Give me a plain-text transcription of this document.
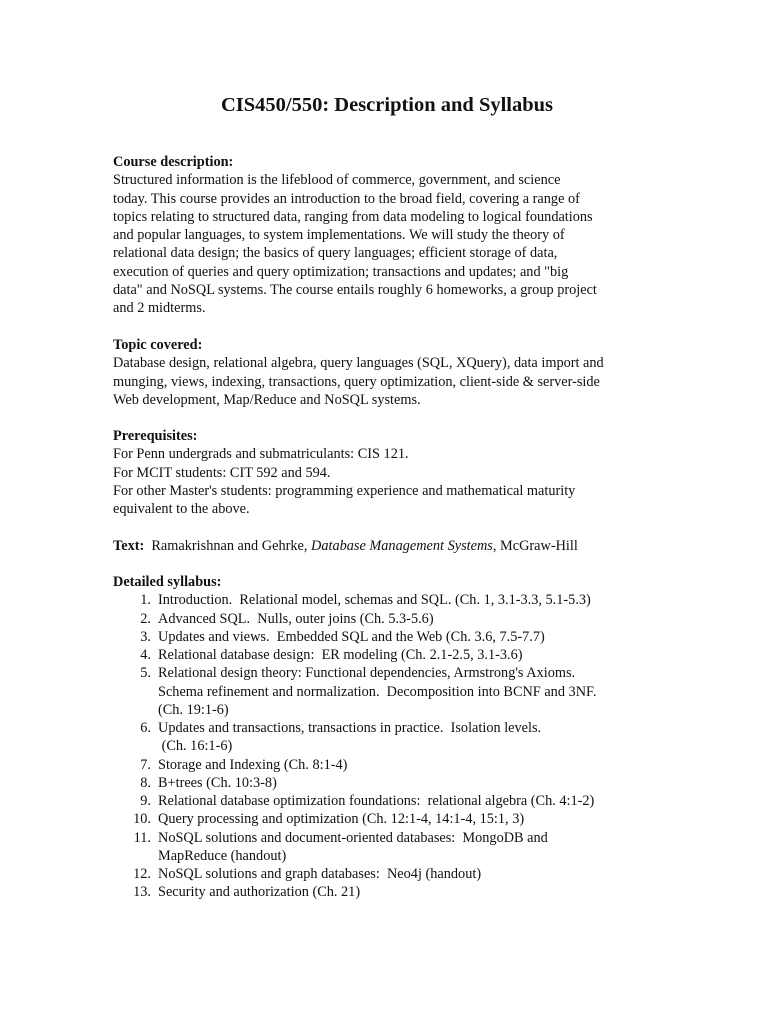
CIS450/550: Description and Syllabus
Course description:

Structured information is the lifeblood of commerce, government, and science
today. This course provides an introduction to the broad field, covering a range of
topics relating to structured data, ranging from data modeling to logical foundations
and popular languages, to system implementations. We will study the theory of
relational data design; the basics of query languages; efficient storage of data,
execution of queries and query optimization; transactions and updates; and "big
data" and NoSQL systems. The course entails roughly 6 homeworks, a group project
and 2 midterms.

Topic covered:

Database design, relational algebra, query languages (SQL, XQuery), data import and
munging, views, indexing, transactions, query optimization, client-side & server-side
Web development, Map/Reduce and NoSQL systems.

Prerequisites:

For Penn undergrads and submatriculants: CIS 121.
For MCIT students: CIT 592 and 594.
For other Master's students: programming experience and mathematical maturity
equivalent to the above.

Text:  Ramakrishnan and Gehrke, Database Management Systems, McGraw-Hill
Detailed syllabus:
1. Introduction.  Relational model, schemas and SQL. (Ch. 1, 3.1-3.3, 5.1-5.3)
2. Advanced SQL.  Nulls, outer joins (Ch. 5.3-5.6)
3. Updates and views.  Embedded SQL and the Web (Ch. 3.6, 7.5-7.7)
4. Relational database design:  ER modeling (Ch. 2.1-2.5, 3.1-3.6)
5. Relational design theory: Functional dependencies, Armstrong's Axioms.
Schema refinement and normalization.  Decomposition into BCNF and 3NF.
(Ch. 19:1-6)
6. Updates and transactions, transactions in practice.  Isolation levels.
(Ch. 16:1-6)
7. Storage and Indexing (Ch. 8:1-4)
8. B+trees (Ch. 10:3-8)
9. Relational database optimization foundations:  relational algebra (Ch. 4:1-2)
10. Query processing and optimization (Ch. 12:1-4, 14:1-4, 15:1, 3)
11. NoSQL solutions and document-oriented databases:  MongoDB and
MapReduce (handout)
12. NoSQL solutions and graph databases:  Neo4j (handout)
13. Security and authorization (Ch. 21)
